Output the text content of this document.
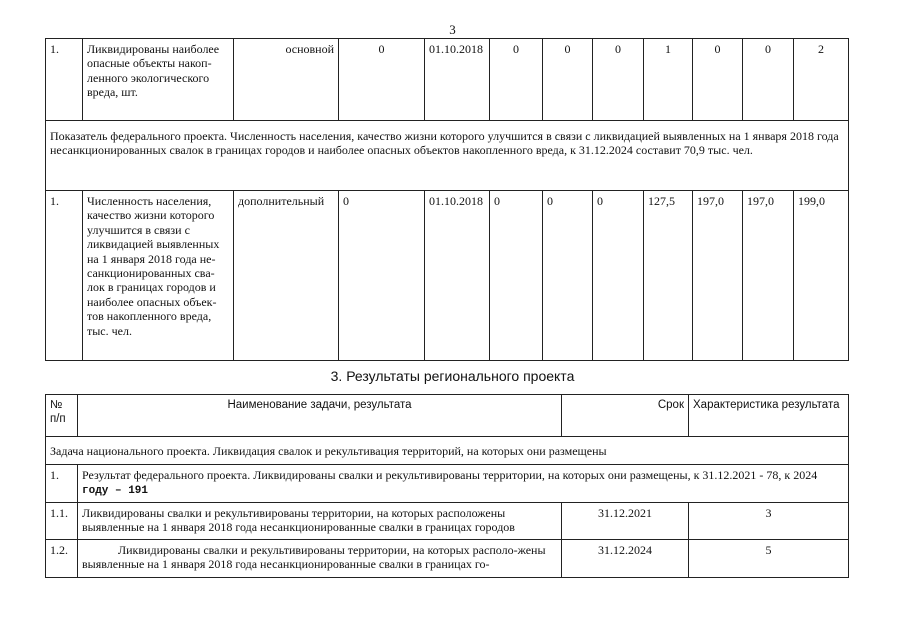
3
1.	Ликвидированы наиболее опасные объекты накоп-ленного экологического вреда, шт.	основной	0	01.10.2018	0	0	0	1	0	0	2
Показатель федерального проекта. Численность населения, качество жизни которого улучшится в связи с ликвидацией выявленных на 1 января 2018 года несанкционированных свалок в границах городов и наиболее опасных объектов накопленного вреда, к 31.12.2024 составит 70,9 тыс. чел.											
1.	Численность населения, качество жизни которого улучшится в связи с ликвидацией выявленных на 1 января 2018 года не-санкционированных сва-лок в границах городов и наиболее опасных объек-тов накопленного вреда, тыс. чел.	дополнительный	0	01.10.2018	0	0	0	127,5	197,0	197,0	199,0
3. Результаты регионального проекта
№ п/п	Наименование задачи, результата	Срок	Характеристика результата
Задача национального проекта. Ликвидация свалок и рекультивация территорий, на которых они размещены			
1.	Результат федерального проекта. Ликвидированы свалки и рекультивированы территории, на которых они размещены, к 31.12.2021 - 78, к 2024 году – 191		
1.1.	Ликвидированы свалки и рекультивированы территории, на которых расположены выявленные на 1 января 2018 года несанкционированные свалки в границах городов	31.12.2021	3
1.2.	Ликвидированы свалки и рекультивированы территории, на которых располо-жены выявленные на 1 января 2018 года несанкционированные свалки в границах го-	31.12.2024	5
